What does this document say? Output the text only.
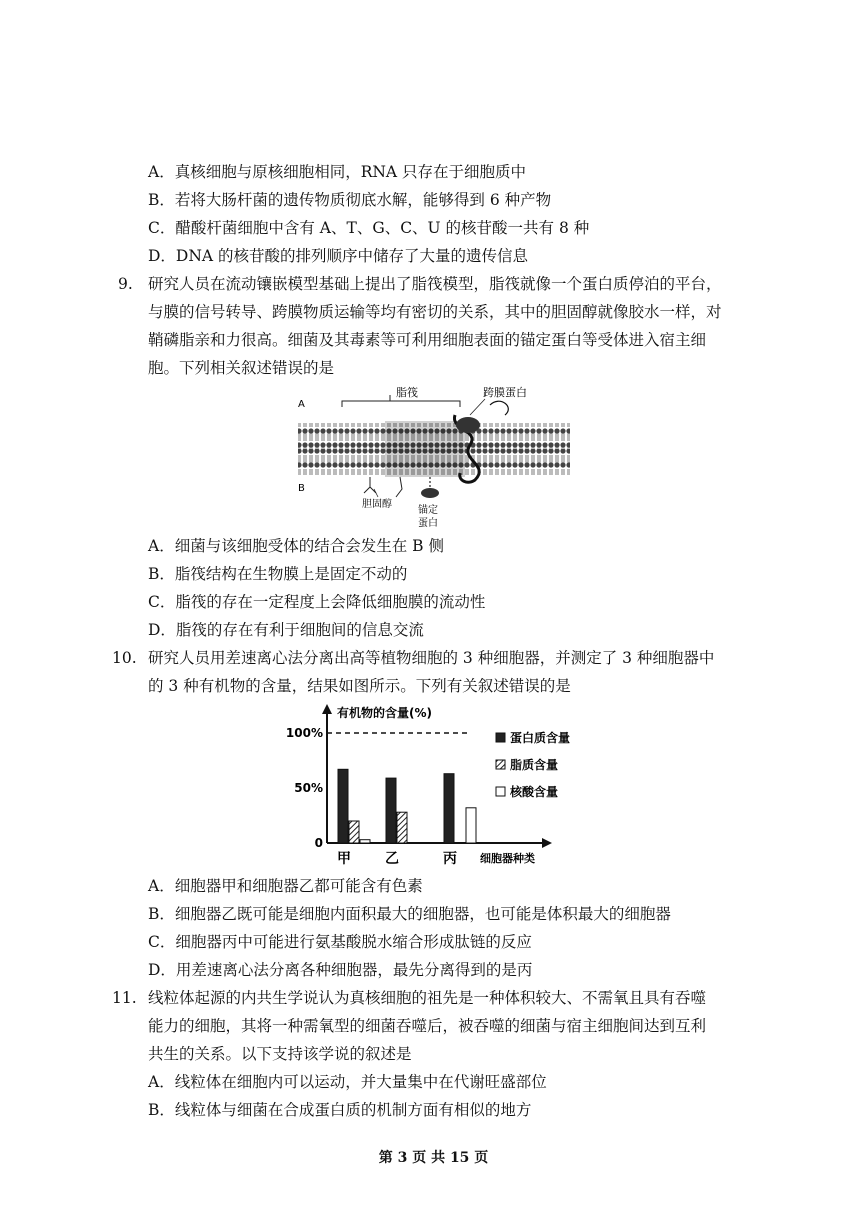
A．真核细胞与原核细胞相同，RNA 只存在于细胞质中
B．若将大肠杆菌的遗传物质彻底水解，能够得到 6 种产物
C．醋酸杆菌细胞中含有 A、T、G、C、U 的核苷酸一共有 8 种
D．DNA 的核苷酸的排列顺序中储存了大量的遗传信息
9. 研究人员在流动镶嵌模型基础上提出了脂筏模型，脂筏就像一个蛋白质停泊的平台，
与膜的信号转导、跨膜物质运输等均有密切的关系，其中的胆固醇就像胶水一样，对
鞘磷脂亲和力很高。细菌及其毒素等可利用细胞表面的锚定蛋白等受体进入宿主细
胞。下列相关叙述错误的是
A
B
脂筏	跨膜蛋白
胆固醇
锚定
蛋白
A．细菌与该细胞受体的结合会发生在 B 侧
B．脂筏结构在生物膜上是固定不动的
C．脂筏的存在一定程度上会降低细胞膜的流动性
D．脂筏的存在有利于细胞间的信息交流
10. 研究人员用差速离心法分离出高等植物细胞的 3 种细胞器，并测定了 3 种细胞器中
的 3 种有机物的含量，结果如图所示。下列有关叙述错误的是
有机物的含量(%)
细胞器种类
0
50%
100%
甲 乙	丙
蛋白质含量
脂质含量
核酸含量
A．细胞器甲和细胞器乙都可能含有色素
B．细胞器乙既可能是细胞内面积最大的细胞器，也可能是体积最大的细胞器
C．细胞器丙中可能进行氨基酸脱水缩合形成肽链的反应
D．用差速离心法分离各种细胞器，最先分离得到的是丙
11. 线粒体起源的内共生学说认为真核细胞的祖先是一种体积较大、不需氧且具有吞噬
能力的细胞，其将一种需氧型的细菌吞噬后，被吞噬的细菌与宿主细胞间达到互利
共生的关系。以下支持该学说的叙述是
A．线粒体在细胞内可以运动，并大量集中在代谢旺盛部位
B．线粒体与细菌在合成蛋白质的机制方面有相似的地方
第 3 页 共 15 页
